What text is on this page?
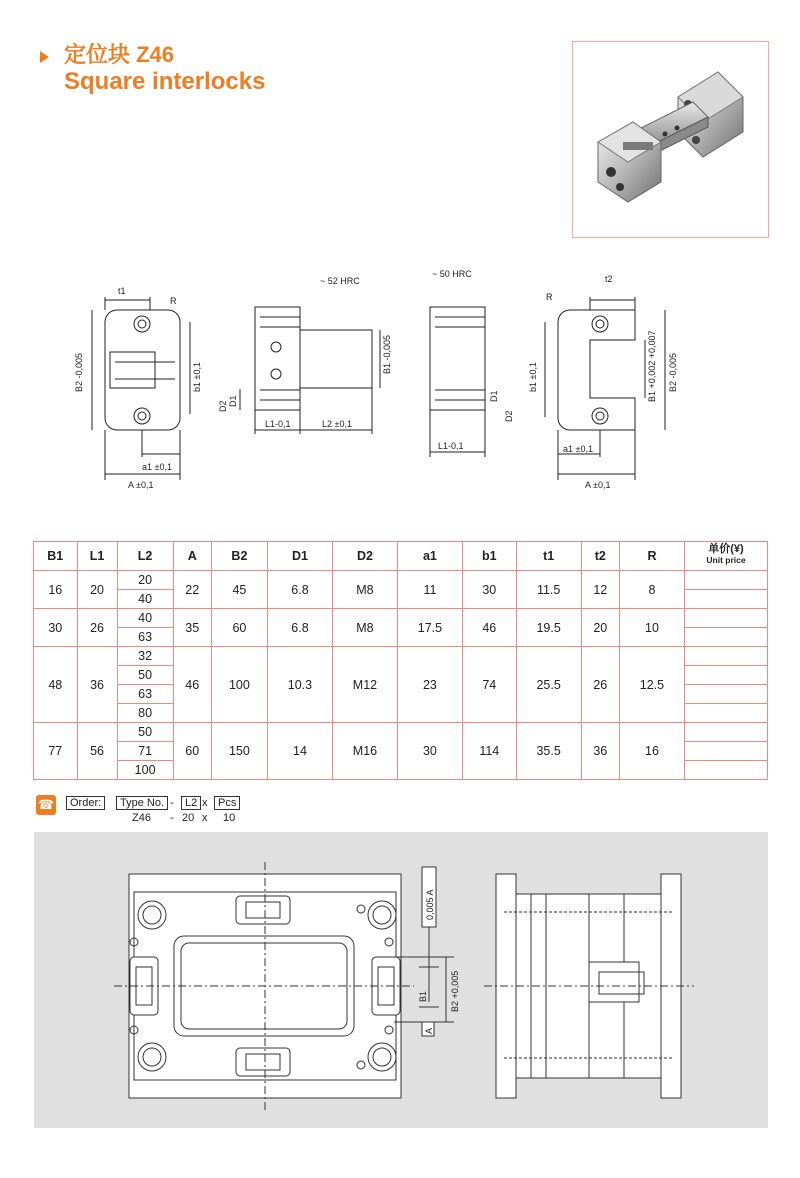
定位块 Z46
Square interlocks
t1
R
a1 ±0,1
A ±0,1
B2 -0,005	b1 ±0,1
~ 52 HRC
L1-0,1	L2 ±0,1
B1 -0,005
D2 D1
~ 50 HRC
L1-0,1
D1
D2
t2
R
a1 ±0,1
A ±0,1
b1 ±0,1	B1 +0,002 +0,007 B2 -0,005
B1	L1	L2	A	B2	D1	D2	a1	b1	t1	t2	R	单价(¥)
Unit price

16	20	20	22	45	6.8	M8	11	30	11.5	12	8	
		40										
30	26	40	35	60	6.8	M8	17.5	46	19.5	20	10	
		63										
48	36	32	46	100	10.3	M12	23	74	25.5	26	12.5	
		50										
		63										
		80										
77	56	50	60	150	14	M16	30	114	35.5	36	16	
		71										
		100										
☎	Order:	Type No. -	L2 x Pcs
Z46 - 20 x 10
0,005 A
A
B1 B2 +0,005
